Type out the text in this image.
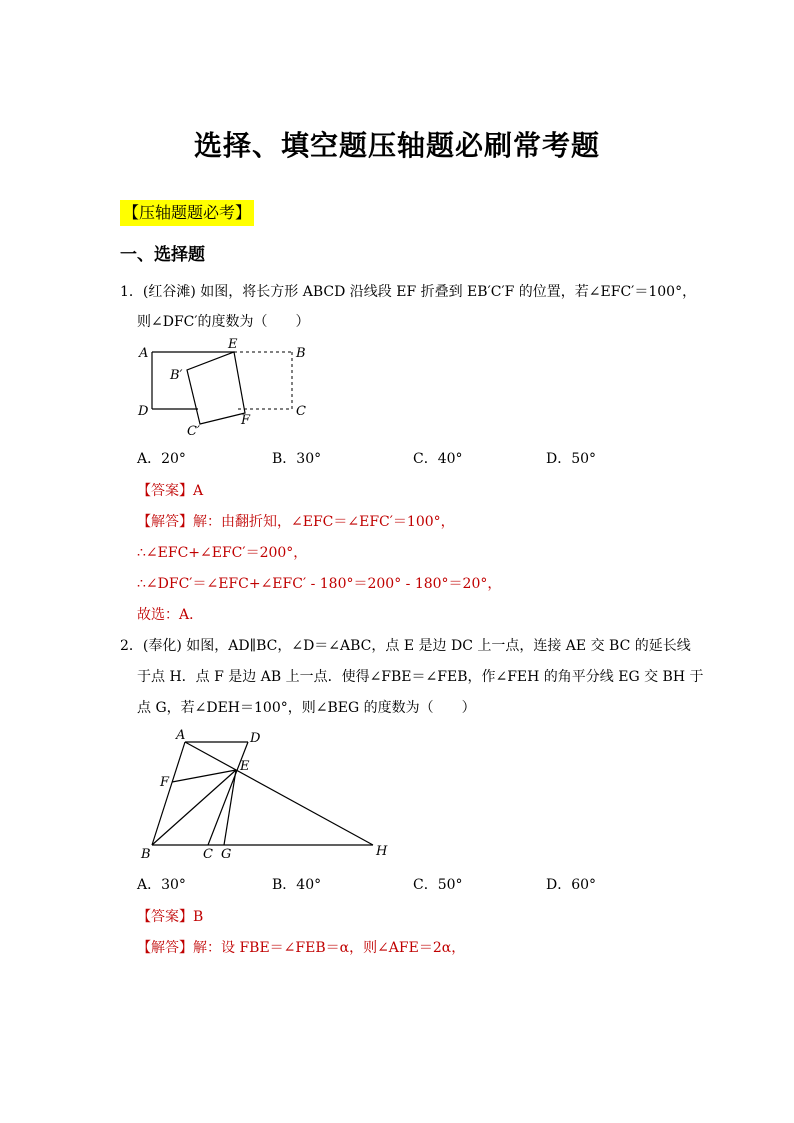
选择、填空题压轴题必刷常考题
【压轴题题必考】
一、选择题
1．(红谷滩) 如图，将长方形 ABCD 沿线段 EF 折叠到 EB′C′F 的位置，若∠EFC′＝100°，
则∠DFC′的度数为（　　）
A
E
B
B′
D	C
F
C′
A．20°	B．30°	C．40°	D．50°
【答案】A
【解答】解：由翻折知，∠EFC＝∠EFC′＝100°，
∴∠EFC+∠EFC′＝200°，
∴∠DFC′＝∠EFC+∠EFC′ - 180°＝200° - 180°＝20°，
故选：A．
2．(奉化) 如图，AD∥BC，∠D＝∠ABC，点 E 是边 DC 上一点，连接 AE 交 BC 的延长线
于点 H．点 F 是边 AB 上一点．使得∠FBE＝∠FEB，作∠FEH 的角平分线 EG 交 BH 于
点 G，若∠DEH＝100°，则∠BEG 的度数为（　　）
A	D
F
E
B	C G	H
A．30°	B．40°	C．50°	D．60°
【答案】B
【解答】解：设 FBE＝∠FEB＝α，则∠AFE＝2α，
